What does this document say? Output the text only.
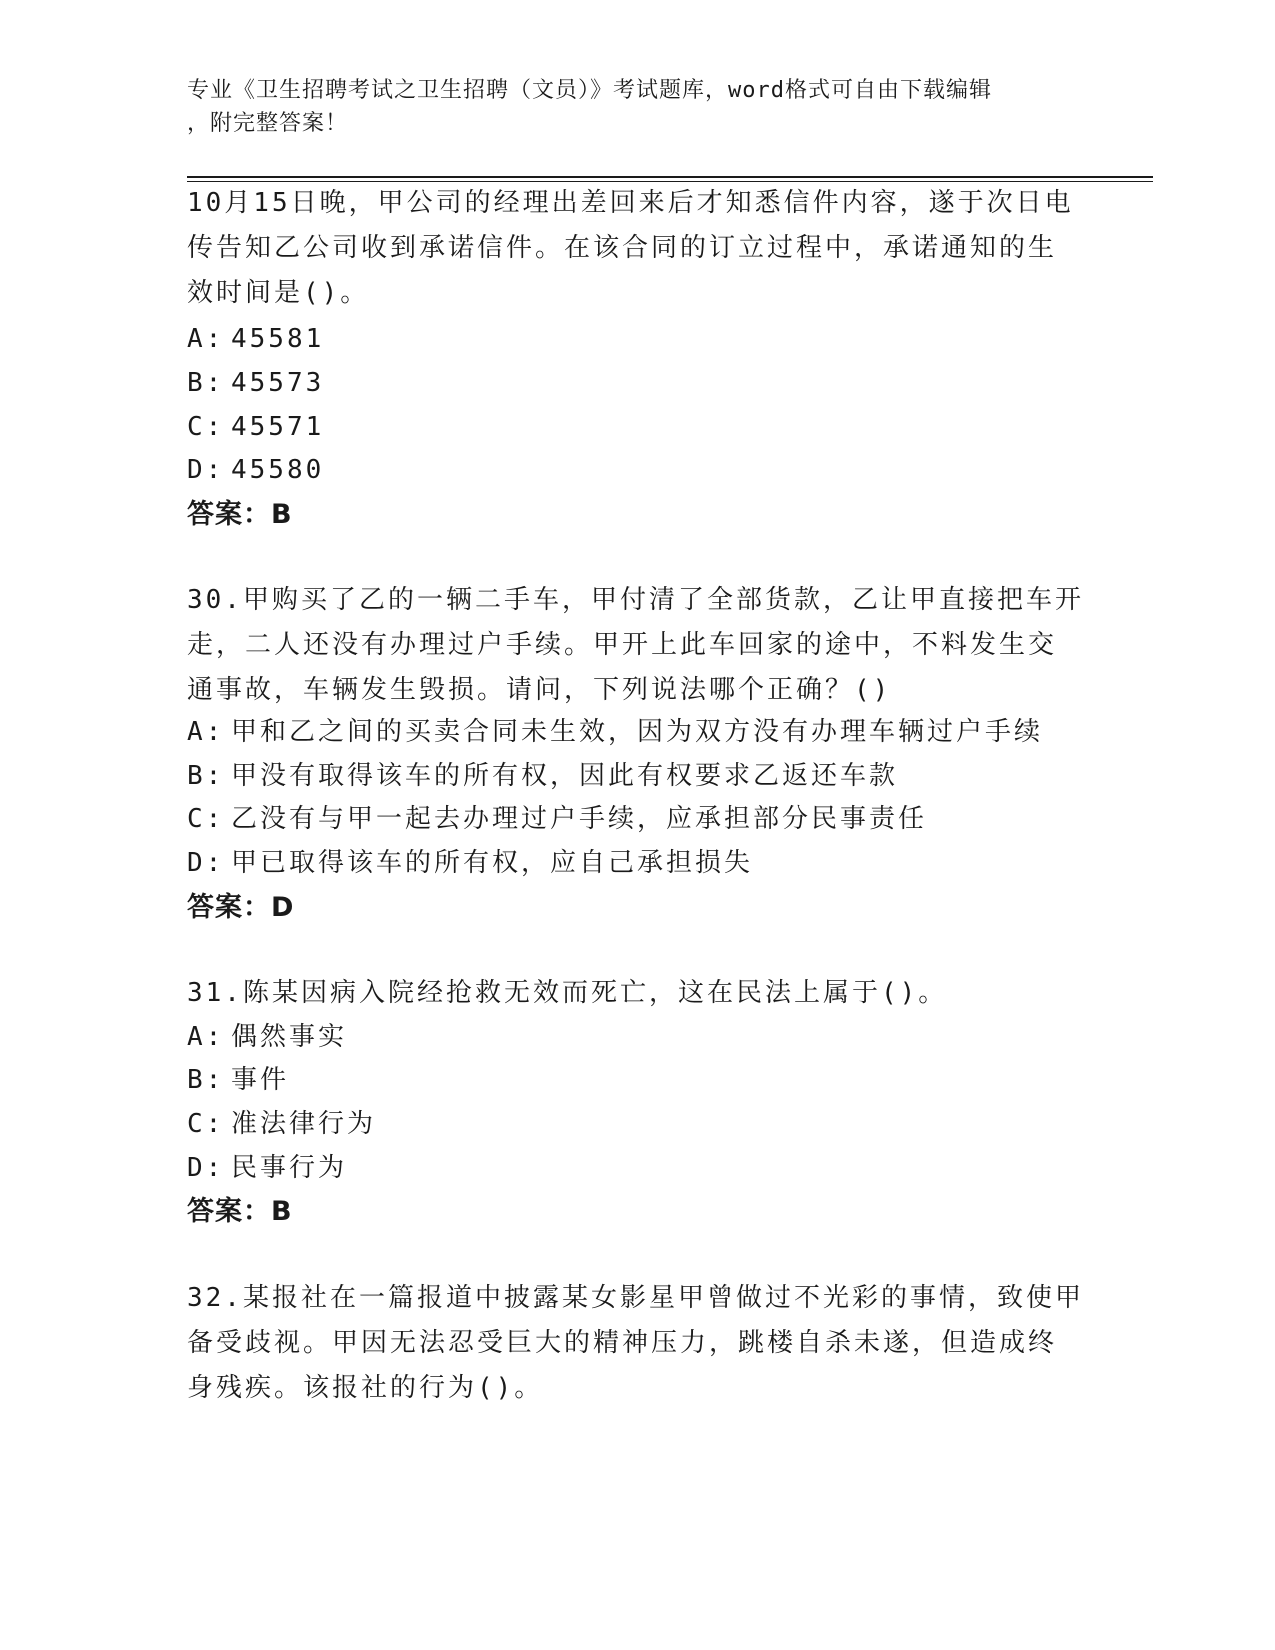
专业《卫生招聘考试之卫生招聘（文员）》考试题库，word格式可自由下载编辑
，附完整答案！
10月15日晚，甲公司的经理出差回来后才知悉信件内容，遂于次日电
传告知乙公司收到承诺信件。在该合同的订立过程中，承诺通知的生
效时间是()。
A: 45581
B: 45573
C: 45571
D: 45580
答案：B
30.甲购买了乙的一辆二手车，甲付清了全部货款，乙让甲直接把车开
走，二人还没有办理过户手续。甲开上此车回家的途中，不料发生交
通事故，车辆发生毁损。请问，下列说法哪个正确？()
A: 甲和乙之间的买卖合同未生效，因为双方没有办理车辆过户手续
B: 甲没有取得该车的所有权，因此有权要求乙返还车款
C: 乙没有与甲一起去办理过户手续，应承担部分民事责任
D: 甲已取得该车的所有权，应自己承担损失
答案：D
31.陈某因病入院经抢救无效而死亡，这在民法上属于()。
A: 偶然事实
B: 事件
C: 准法律行为
D: 民事行为
答案：B
32.某报社在一篇报道中披露某女影星甲曾做过不光彩的事情，致使甲
备受歧视。甲因无法忍受巨大的精神压力，跳楼自杀未遂，但造成终
身残疾。该报社的行为()。
